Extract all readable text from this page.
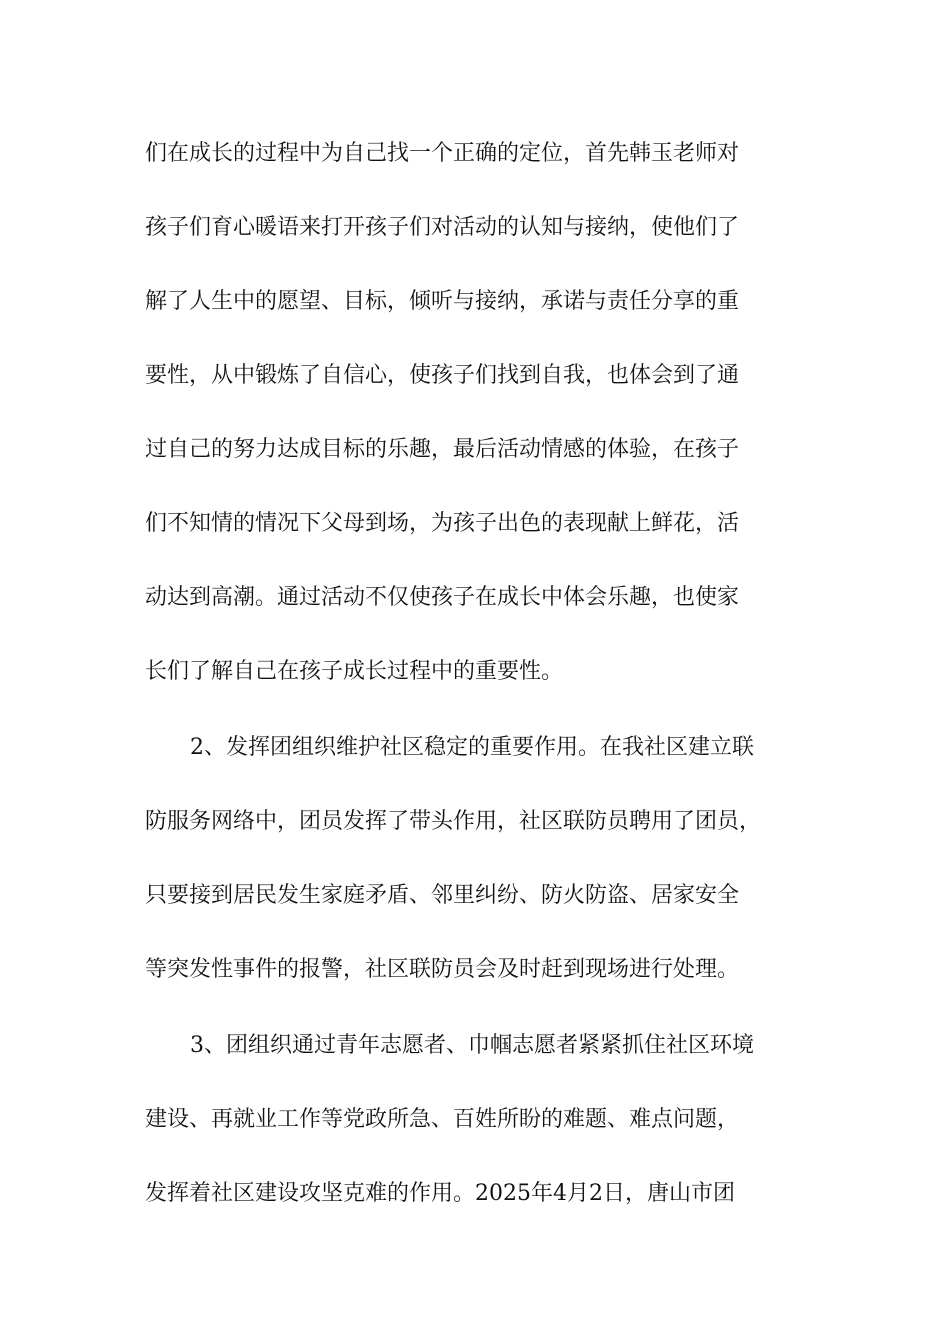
们在成长的过程中为自己找一个正确的定位，首先韩玉老师对
孩子们育心暖语来打开孩子们对活动的认知与接纳，使他们了
解了人生中的愿望、目标，倾听与接纳，承诺与责任分享的重
要性，从中锻炼了自信心，使孩子们找到自我，也体会到了通
过自己的努力达成目标的乐趣，最后活动情感的体验，在孩子
们不知情的情况下父母到场，为孩子出色的表现献上鲜花，活
动达到高潮。通过活动不仅使孩子在成长中体会乐趣，也使家
长们了解自己在孩子成长过程中的重要性。
2、发挥团组织维护社区稳定的重要作用。在我社区建立联
防服务网络中，团员发挥了带头作用，社区联防员聘用了团员，
只要接到居民发生家庭矛盾、邻里纠纷、防火防盗、居家安全
等突发性事件的报警，社区联防员会及时赶到现场进行处理。
3、团组织通过青年志愿者、巾帼志愿者紧紧抓住社区环境
建设、再就业工作等党政所急、百姓所盼的难题、难点问题，
发挥着社区建设攻坚克难的作用。2025年4月2日，唐山市团
